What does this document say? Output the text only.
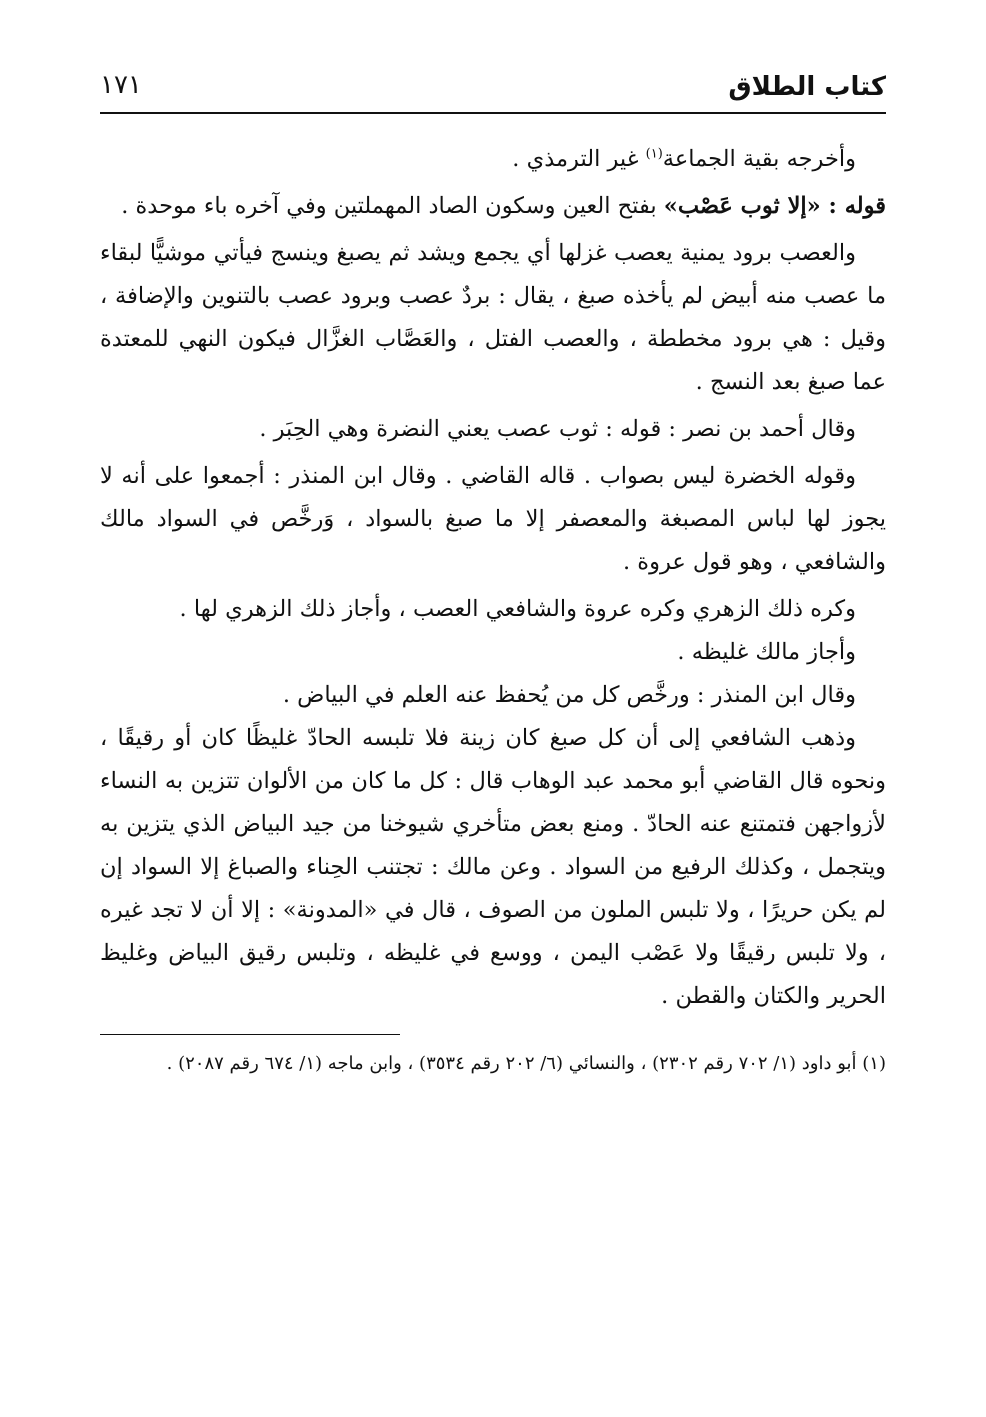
كتاب الطلاق
١٧١

وأخرجه بقية الجماعة$^{(١)}$ غير الترمذي .

قوله : «إلا ثوب عَصْب» بفتح العين وسكون الصاد المهملتين وفي آخره باء موحدة .

والعصب برود يمنية يعصب غزلها أي يجمع ويشد ثم يصبغ وينسج فيأتي موشيًّا لبقاء ما عصب منه أبيض لم يأخذه صبغ ، يقال : بردٌ عصب وبرود عصب بالتنوين والإضافة ، وقيل : هي برود مخططة ، والعصب الفتل ، والعَصَّاب الغزَّال فيكون النهي للمعتدة عما صبغ بعد النسج .

وقال أحمد بن نصر : قوله : ثوب عصب يعني النضرة وهي الحِبَر .

وقوله الخضرة ليس بصواب . قاله القاضي . وقال ابن المنذر : أجمعوا على أنه لا يجوز لها لباس المصبغة والمعصفر إلا ما صبغ بالسواد ، وَرخَّص في السواد مالك والشافعي ، وهو قول عروة .

وكره ذلك الزهري وكره عروة والشافعي العصب ، وأجاز ذلك الزهري لها .

وأجاز مالك غليظه .

وقال ابن المنذر : ورخَّص كل من يُحفظ عنه العلم في البياض .

وذهب الشافعي إلى أن كل صبغ كان زينة فلا تلبسه الحادّ غليظًا كان أو رقيقًا ، ونحوه قال القاضي أبو محمد عبد الوهاب قال : كل ما كان من الألوان تتزين به النساء لأزواجهن فتمتنع عنه الحادّ . ومنع بعض متأخري شيوخنا من جيد البياض الذي يتزين به ويتجمل ، وكذلك الرفيع من السواد . وعن مالك : تجتنب الحِناء والصباغ إلا السواد إن لم يكن حريرًا ، ولا تلبس الملون من الصوف ، قال في «المدونة» : إلا أن لا تجد غيره ، ولا تلبس رقيقًا ولا عَصْب اليمن ، ووسع في غليظه ، وتلبس رقيق البياض وغليظ الحرير والكتان والقطن .

(١) أبو داود (١/ ٧٠٢ رقم ٢٣٠٢) ، والنسائي (٦/ ٢٠٢ رقم ٣٥٣٤) ، وابن ماجه (١/ ٦٧٤ رقم ٢٠٨٧) .
